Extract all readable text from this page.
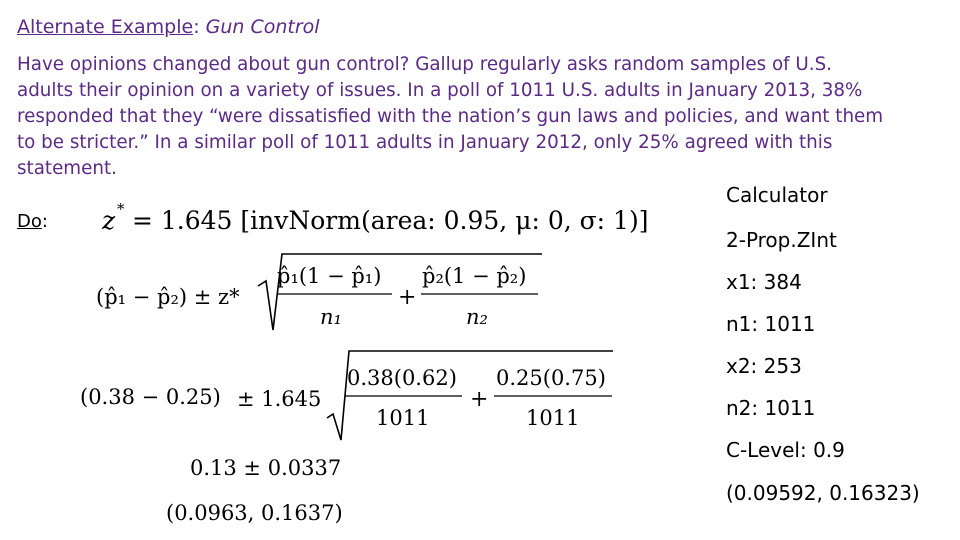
Alternate Example: Gun Control
Have opinions changed about gun control? Gallup regularly asks random samples of U.S.
adults their opinion on a variety of issues. In a poll of 1011 U.S. adults in January 2013, 38%
responded that they “were dissatisfied with the nation’s gun laws and policies, and want them
to be stricter.” In a similar poll of 1011 adults in January 2012, only 25% agreed with this
statement.
Do: z * = 1.645 [invNorm(area: 0.95, μ: 0, σ: 1)]
(p̂₁ − p̂₂) ± z*
p̂₁(1 − p̂₁)
n₁
+
p̂₂(1 − p̂₂)
n₂
(0.38 − 0.25) ± 1.645
0.38(0.62)
1011
+
0.25(0.75)
1011
0.13 ± 0.0337
(0.0963, 0.1637)
Calculator
2-Prop.ZInt
x1: 384
n1: 1011
x2: 253
n2: 1011
C-Level: 0.9
(0.09592, 0.16323)
